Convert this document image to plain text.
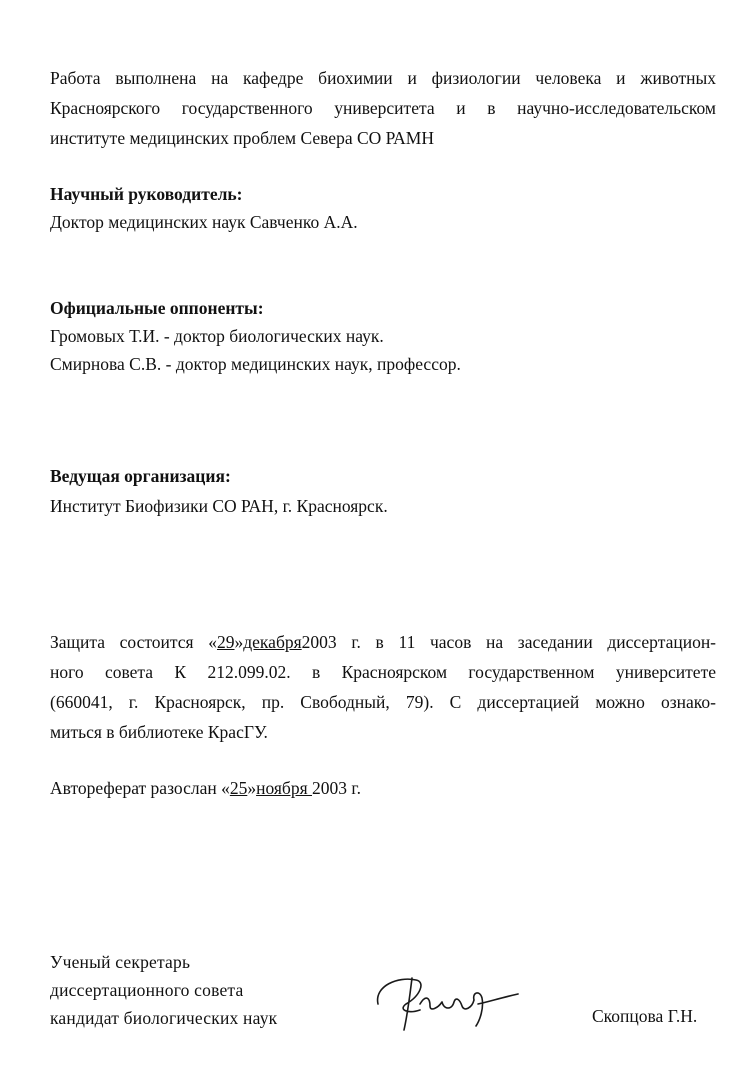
Работа выполнена на кафедре биохимии и физиологии человека и животных
Красноярского государственного университета и в научно-исследовательском
институте медицинских проблем Севера СО РАМН
Научный руководитель:
Доктор медицинских наук Савченко А.А.
Официальные оппоненты:
Громовых Т.И. - доктор биологических наук.
Смирнова С.В. - доктор медицинских наук, профессор.
Ведущая организация:
Институт Биофизики СО РАН, г. Красноярск.
Защита состоится «29»декабря2003 г. в 11 часов на заседании диссертацион-
ного совета К 212.099.02. в Красноярском государственном университете
(660041, г. Красноярск, пр. Свободный, 79). С диссертацией можно ознако-
миться в библиотеке КрасГУ.
Автореферат разослан «25»ноября 2003 г.
Ученый секретарь
диссертационного совета
кандидат биологических наук	Скопцова Г.Н.
